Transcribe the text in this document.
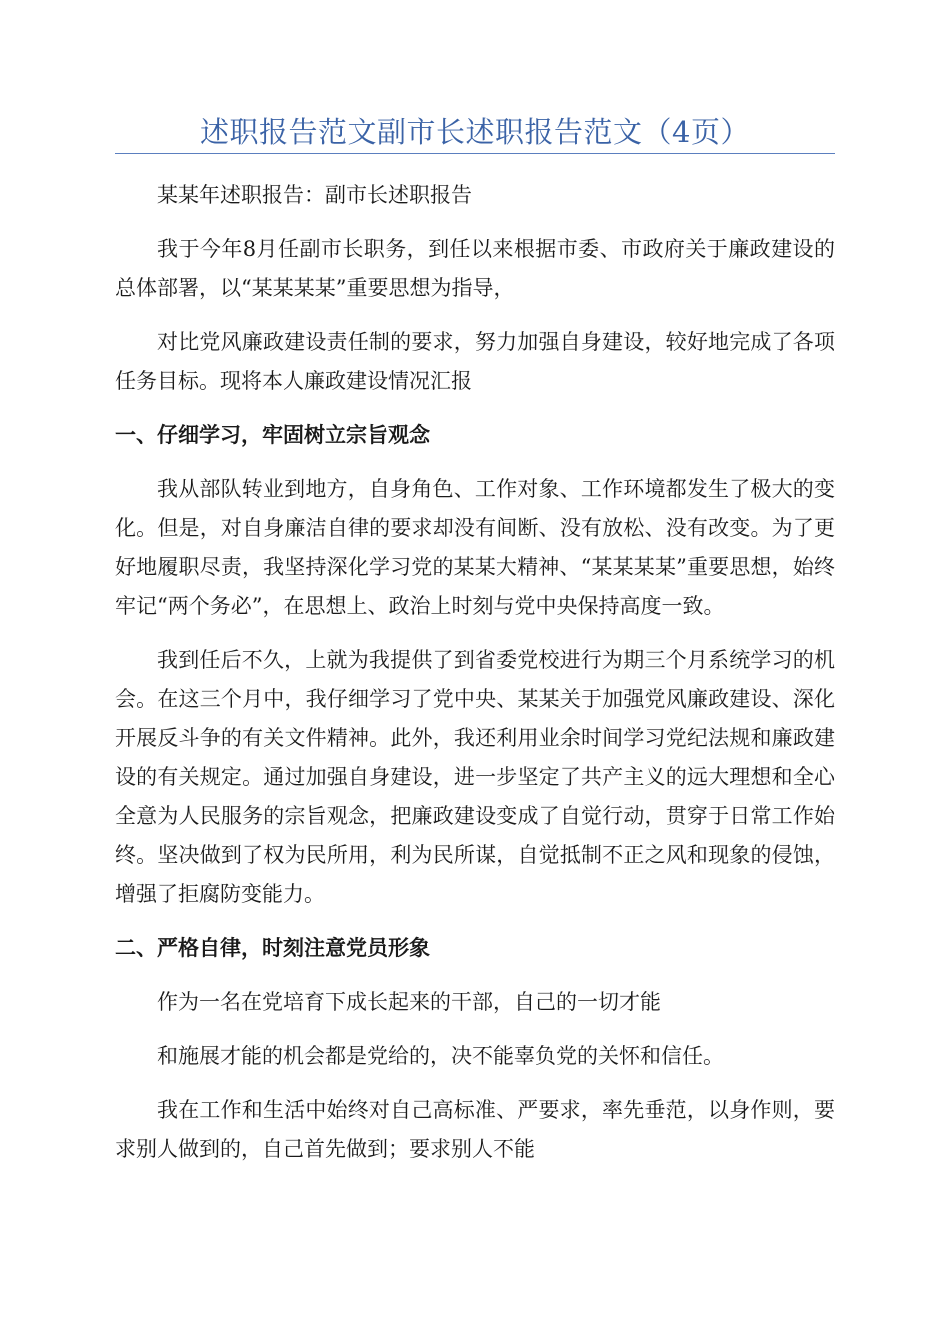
述职报告范文副市长述职报告范文（4页）

某某年述职报告：副市长述职报告

我于今年8月任副市长职务，到任以来根据市委、市政府关于廉政建设的总体部署，以“某某某某”重要思想为指导，

对比党风廉政建设责任制的要求，努力加强自身建设，较好地完成了各项任务目标。现将本人廉政建设情况汇报

一、仔细学习，牢固树立宗旨观念

我从部队转业到地方，自身角色、工作对象、工作环境都发生了极大的变化。但是，对自身廉洁自律的要求却没有间断、没有放松、没有改变。为了更好地履职尽责，我坚持深化学习党的某某大精神、“某某某某”重要思想，始终牢记“两个务必”，在思想上、政治上时刻与党中央保持高度一致。

我到任后不久，上就为我提供了到省委党校进行为期三个月系统学习的机会。在这三个月中，我仔细学习了党中央、某某关于加强党风廉政建设、深化开展反斗争的有关文件精神。此外，我还利用业余时间学习党纪法规和廉政建设的有关规定。通过加强自身建设，进一步坚定了共产主义的远大理想和全心全意为人民服务的宗旨观念，把廉政建设变成了自觉行动，贯穿于日常工作始终。坚决做到了权为民所用，利为民所谋，自觉抵制不正之风和现象的侵蚀，增强了拒腐防变能力。

二、严格自律，时刻注意党员形象

作为一名在党培育下成长起来的干部，自己的一切才能

和施展才能的机会都是党给的，决不能辜负党的关怀和信任。

我在工作和生活中始终对自己高标准、严要求，率先垂范，以身作则，要求别人做到的，自己首先做到；要求别人不能
